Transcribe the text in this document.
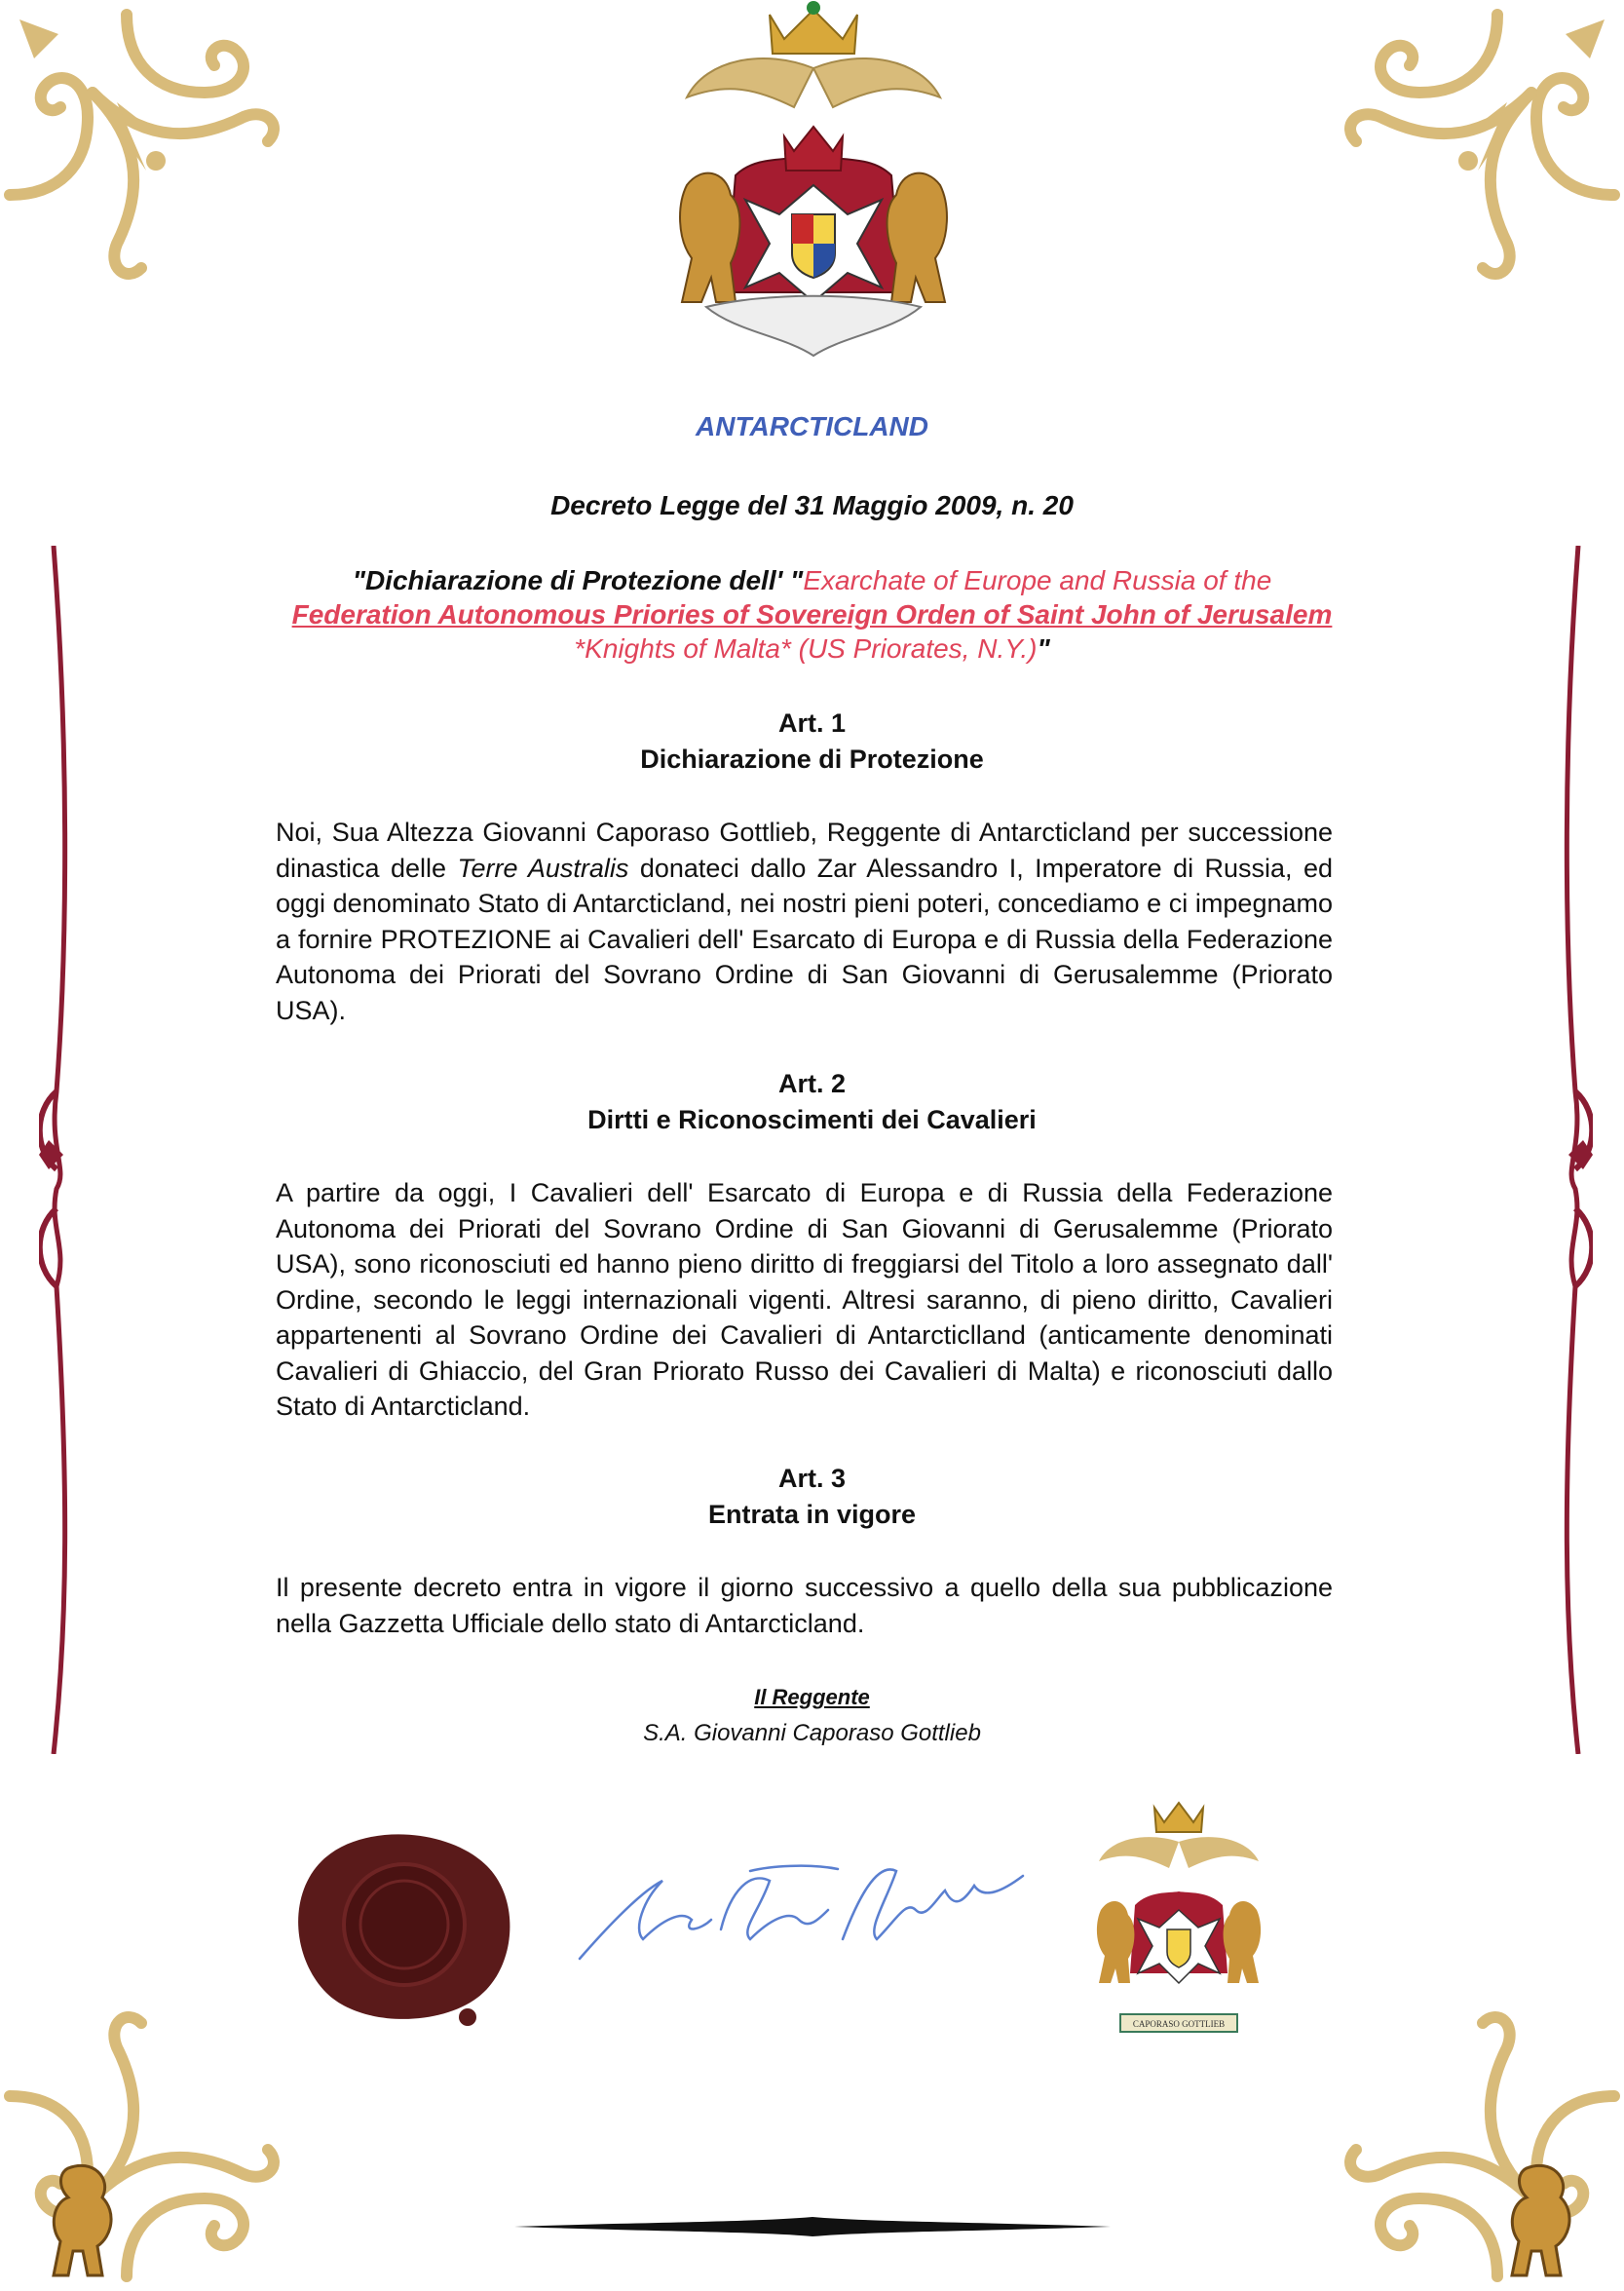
ANTARCTICLAND
Decreto Legge del 31 Maggio 2009, n. 20
"Dichiarazione di Protezione dell' "Exarchate of Europe and Russia of the
Federation Autonomous Priories of Sovereign Orden of Saint John of Jerusalem
*Knights of Malta* (US Priorates, N.Y.)"
Art. 1
Dichiarazione di Protezione
Noi, Sua Altezza Giovanni Caporaso Gottlieb, Reggente di Antarcticland per successione dinastica delle Terre Australis donateci dallo Zar Alessandro I, Imperatore di Russia, ed oggi denominato Stato di Antarcticland, nei nostri pieni poteri, concediamo e ci impegnamo a fornire PROTEZIONE ai Cavalieri dell' Esarcato di Europa e di Russia della Federazione Autonoma dei Priorati del Sovrano Ordine di San Giovanni di Gerusalemme (Priorato USA).
Art. 2
Dirtti e Riconoscimenti dei Cavalieri
A partire da oggi, I Cavalieri dell' Esarcato di Europa e di Russia della Federazione Autonoma dei Priorati del Sovrano Ordine di San Giovanni di Gerusalemme (Priorato USA), sono riconosciuti ed hanno pieno diritto di freggiarsi del Titolo a loro assegnato dall' Ordine, secondo le leggi internazionali vigenti. Altresi saranno, di pieno diritto, Cavalieri appartenenti al Sovrano Ordine dei Cavalieri di Antarcticlland (anticamente denominati Cavalieri di Ghiaccio, del Gran Priorato Russo dei Cavalieri di Malta) e riconosciuti dallo Stato di Antarcticland.
Art. 3
Entrata in vigore
Il presente decreto entra in vigore il giorno successivo a quello della sua pubblicazione nella Gazzetta Ufficiale dello stato di Antarcticland.
Il Reggente
S.A. Giovanni Caporaso Gottlieb
CAPORASO GOTTLIEB
